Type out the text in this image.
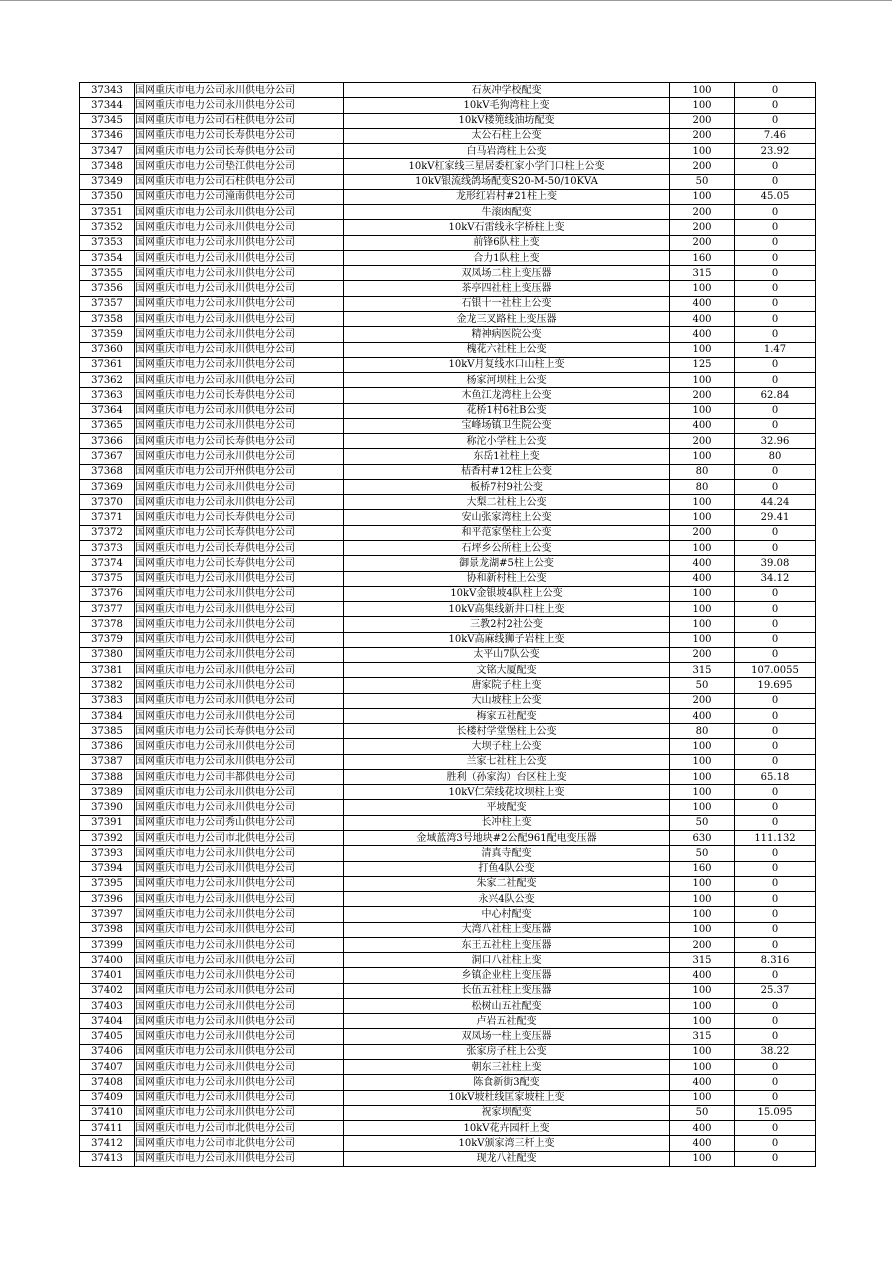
37343	国网重庆市电力公司永川供电分公司	石灰冲学校配变	100	0
37344	国网重庆市电力公司永川供电分公司	10kV毛狗湾柱上变	100	0
37345	国网重庆市电力公司石柱供电分公司	10kV楼篼线油坊配变	200	0
37346	国网重庆市电力公司长寿供电分公司	太公石柱上公变	200	7.46
37347	国网重庆市电力公司长寿供电分公司	白马岩湾柱上公变	100	23.92
37348	国网重庆市电力公司垫江供电分公司	10kV杠家线三星居委杠家小学门口柱上公变	200	0
37349	国网重庆市电力公司石柱供电分公司	10kV银流线鸽场配变S20-M-50/10KVA	50	0
37350	国网重庆市电力公司潼南供电分公司	龙形红岩村#21柱上变	100	45.05
37351	国网重庆市电力公司永川供电分公司	牛滚凼配变	200	0
37352	国网重庆市电力公司永川供电分公司	10kV石雷线永字桥柱上变	200	0
37353	国网重庆市电力公司永川供电分公司	前锋6队柱上变	200	0
37354	国网重庆市电力公司永川供电分公司	合力1队柱上变	160	0
37355	国网重庆市电力公司永川供电分公司	双凤场二柱上变压器	315	0
37356	国网重庆市电力公司永川供电分公司	茶亭四社柱上变压器	100	0
37357	国网重庆市电力公司永川供电分公司	石银十一社柱上公变	400	0
37358	国网重庆市电力公司永川供电分公司	金龙三叉路柱上变压器	400	0
37359	国网重庆市电力公司永川供电分公司	精神病医院公变	400	0
37360	国网重庆市电力公司永川供电分公司	槐花六社柱上公变	100	1.47
37361	国网重庆市电力公司永川供电分公司	10kV月复线水口山柱上变	125	0
37362	国网重庆市电力公司永川供电分公司	杨家河坝柱上公变	100	0
37363	国网重庆市电力公司长寿供电分公司	木鱼江龙湾柱上公变	200	62.84
37364	国网重庆市电力公司永川供电分公司	花桥1村6社B公变	100	0
37365	国网重庆市电力公司永川供电分公司	宝峰场镇卫生院公变	400	0
37366	国网重庆市电力公司长寿供电分公司	称沱小学柱上公变	200	32.96
37367	国网重庆市电力公司永川供电分公司	东岳1社柱上变	100	80
37368	国网重庆市电力公司开州供电分公司	桔香村#12柱上公变	80	0
37369	国网重庆市电力公司永川供电分公司	板桥7村9社公变	80	0
37370	国网重庆市电力公司永川供电分公司	大梨二社柱上公变	100	44.24
37371	国网重庆市电力公司长寿供电分公司	安山张家湾柱上公变	100	29.41
37372	国网重庆市电力公司长寿供电分公司	和平范家堡柱上公变	200	0
37373	国网重庆市电力公司长寿供电分公司	石坪乡公所柱上公变	100	0
37374	国网重庆市电力公司长寿供电分公司	御景龙湖#5柱上公变	400	39.08
37375	国网重庆市电力公司永川供电分公司	协和新村柱上公变	400	34.12
37376	国网重庆市电力公司永川供电分公司	10kV金银坡4队柱上公变	100	0
37377	国网重庆市电力公司永川供电分公司	10kV高集线新井口柱上变	100	0
37378	国网重庆市电力公司永川供电分公司	三教2村2社公变	100	0
37379	国网重庆市电力公司永川供电分公司	10kV高麻线狮子岩柱上变	100	0
37380	国网重庆市电力公司永川供电分公司	太平山7队公变	200	0
37381	国网重庆市电力公司永川供电分公司	文铭大厦配变	315	107.0055
37382	国网重庆市电力公司永川供电分公司	唐家院子柱上变	50	19.695
37383	国网重庆市电力公司永川供电分公司	大山坡柱上公变	200	0
37384	国网重庆市电力公司永川供电分公司	梅家五社配变	400	0
37385	国网重庆市电力公司长寿供电分公司	长楼村学堂堡柱上公变	80	0
37386	国网重庆市电力公司永川供电分公司	大坝子柱上公变	100	0
37387	国网重庆市电力公司永川供电分公司	兰家七社柱上公变	100	0
37388	国网重庆市电力公司丰都供电分公司	胜利（孙家沟）台区柱上变	100	65.18
37389	国网重庆市电力公司永川供电分公司	10kV仁荣线花坟坝柱上变	100	0
37390	国网重庆市电力公司永川供电分公司	平坡配变	100	0
37391	国网重庆市电力公司秀山供电分公司	长冲柱上变	50	0
37392	国网重庆市电力公司市北供电分公司	金域蓝湾3号地块#2公配961配电变压器	630	111.132
37393	国网重庆市电力公司永川供电分公司	清真寺配变	50	0
37394	国网重庆市电力公司永川供电分公司	打鱼4队公变	160	0
37395	国网重庆市电力公司永川供电分公司	朱家二社配变	100	0
37396	国网重庆市电力公司永川供电分公司	永兴4队公变	100	0
37397	国网重庆市电力公司永川供电分公司	中心村配变	100	0
37398	国网重庆市电力公司永川供电分公司	大湾八社柱上变压器	100	0
37399	国网重庆市电力公司永川供电分公司	东王五社柱上变压器	200	0
37400	国网重庆市电力公司永川供电分公司	洞口八社柱上变	315	8.316
37401	国网重庆市电力公司永川供电分公司	乡镇企业柱上变压器	400	0
37402	国网重庆市电力公司永川供电分公司	长伍五社柱上变压器	100	25.37
37403	国网重庆市电力公司永川供电分公司	松树山五社配变	100	0
37404	国网重庆市电力公司永川供电分公司	卢岩五社配变	100	0
37405	国网重庆市电力公司永川供电分公司	双凤场一柱上变压器	315	0
37406	国网重庆市电力公司永川供电分公司	张家房子柱上公变	100	38.22
37407	国网重庆市电力公司永川供电分公司	朝东三社柱上变	100	0
37408	国网重庆市电力公司永川供电分公司	陈食新街3配变	400	0
37409	国网重庆市电力公司永川供电分公司	10kV坡杜线匡家坡柱上变	100	0
37410	国网重庆市电力公司永川供电分公司	祝家坝配变	50	15.095
37411	国网重庆市电力公司市北供电分公司	10kV花卉园杆上变	400	0
37412	国网重庆市电力公司市北供电分公司	10kV颁家湾三杆上变	400	0
37413	国网重庆市电力公司永川供电分公司	现龙八社配变	100	0
